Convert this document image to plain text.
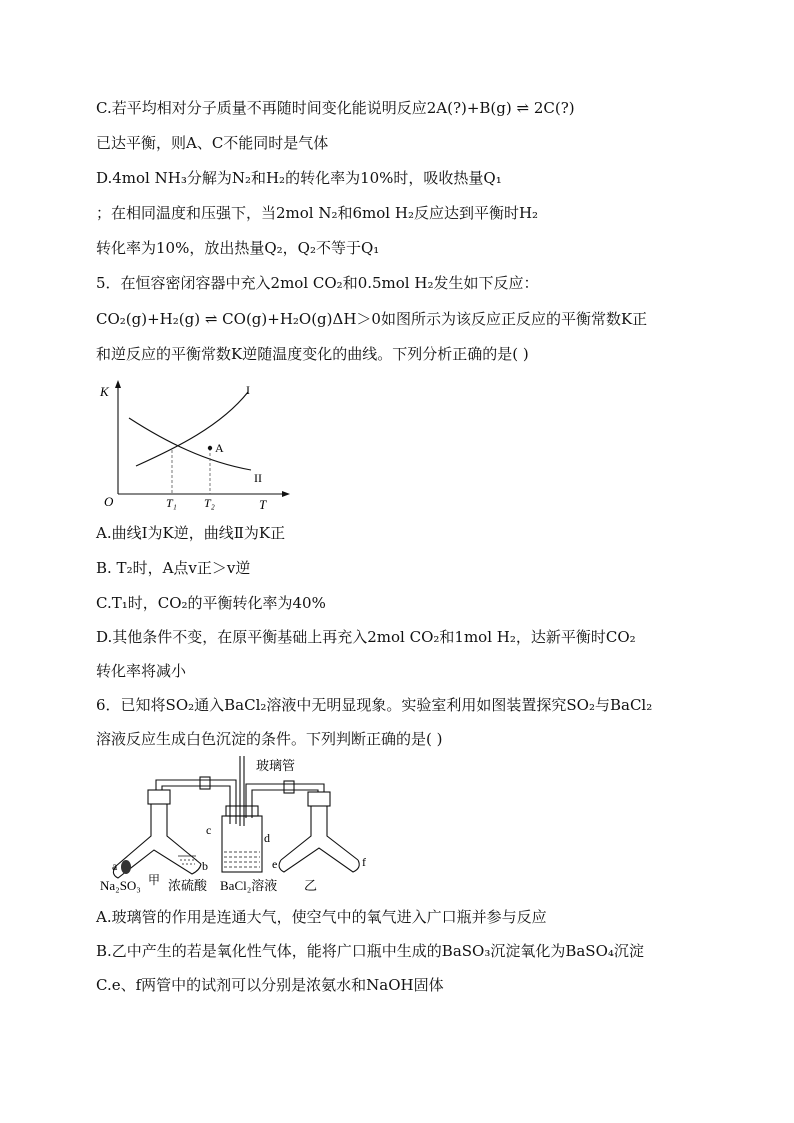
C.若平均相对分子质量不再随时间变化能说明反应2A(?)+B(g) ⇌ 2C(?)
已达平衡，则A、C不能同时是气体
D.4mol NH₃分解为N₂和H₂的转化率为10%时，吸收热量Q₁
；在相同温度和压强下，当2mol N₂和6mol H₂反应达到平衡时H₂
转化率为10%，放出热量Q₂，Q₂不等于Q₁
5．在恒容密闭容器中充入2mol CO₂和0.5mol H₂发生如下反应：
CO₂(g)+H₂(g) ⇌ CO(g)+H₂O(g)ΔH＞0如图所示为该反应正反应的平衡常数K正
和逆反应的平衡常数K逆随温度变化的曲线。下列分析正确的是( )
K
T
O
I
II
A
T₁ T₂
A.曲线Ⅰ为K逆，曲线Ⅱ为K正
B. T₂时，A点v正＞v逆
C.T₁时，CO₂的平衡转化率为40%
D.其他条件不变，在原平衡基础上再充入2mol CO₂和1mol H₂，达新平衡时CO₂
转化率将减小
6．已知将SO₂通入BaCl₂溶液中无明显现象。实验室利用如图装置探究SO₂与BaCl₂
溶液反应生成白色沉淀的条件。下列判断正确的是( )
玻璃管
a	b
c
d
e	f
Na₂SO₃ 甲 浓硫酸 BaCl₂溶液 乙
A.玻璃管的作用是连通大气，使空气中的氧气进入广口瓶并参与反应
B.乙中产生的若是氧化性气体，能将广口瓶中生成的BaSO₃沉淀氧化为BaSO₄沉淀
C.e、f两管中的试剂可以分别是浓氨水和NaOH固体
